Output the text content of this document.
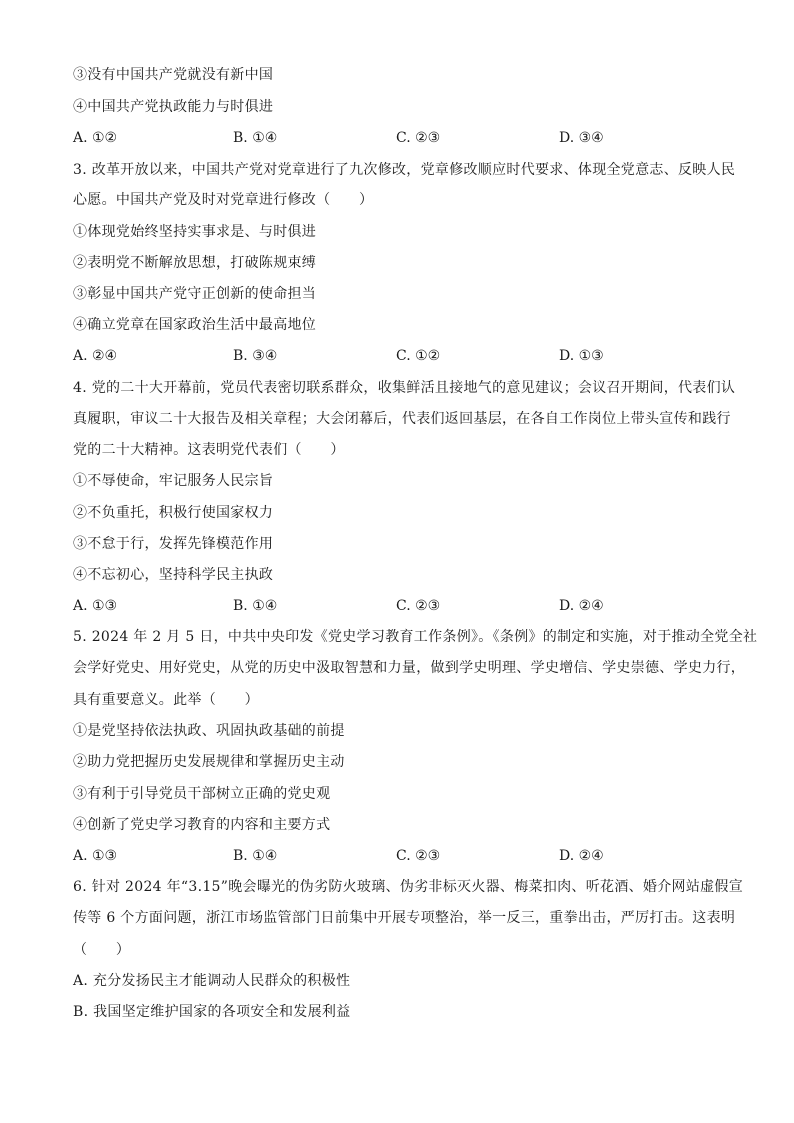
③没有中国共产党就没有新中国
④中国共产党执政能力与时俱进
A. ①②	B. ①④	C. ②③	D. ③④
3. 改革开放以来，中国共产党对党章进行了九次修改，党章修改顺应时代要求、体现全党意志、反映人民
心愿。中国共产党及时对党章进行修改（　　）
①体现党始终坚持实事求是、与时俱进
②表明党不断解放思想，打破陈规束缚
③彰显中国共产党守正创新的使命担当
④确立党章在国家政治生活中最高地位
A. ②④	B. ③④	C. ①②	D. ①③
4. 党的二十大开幕前，党员代表密切联系群众，收集鲜活且接地气的意见建议；会议召开期间，代表们认
真履职，审议二十大报告及相关章程；大会闭幕后，代表们返回基层，在各自工作岗位上带头宣传和践行
党的二十大精神。这表明党代表们（　　）
①不辱使命，牢记服务人民宗旨
②不负重托，积极行使国家权力
③不怠于行，发挥先锋模范作用
④不忘初心，坚持科学民主执政
A. ①③	B. ①④	C. ②③	D. ②④
5. 2024 年 2 月 5 日，中共中央印发《党史学习教育工作条例》。《条例》的制定和实施，对于推动全党全社
会学好党史、用好党史，从党的历史中汲取智慧和力量，做到学史明理、学史增信、学史崇德、学史力行，
具有重要意义。此举（　　）
①是党坚持依法执政、巩固执政基础的前提
②助力党把握历史发展规律和掌握历史主动
③有利于引导党员干部树立正确的党史观
④创新了党史学习教育的内容和主要方式
A. ①③	B. ①④	C. ②③	D. ②④
6. 针对 2024 年“3.15”晚会曝光的伪劣防火玻璃、伪劣非标灭火器、梅菜扣肉、听花酒、婚介网站虚假宣
传等 6 个方面问题，浙江市场监管部门日前集中开展专项整治，举一反三，重拳出击，严厉打击。这表明
（　　）
A. 充分发扬民主才能调动人民群众的积极性
B. 我国坚定维护国家的各项安全和发展利益
